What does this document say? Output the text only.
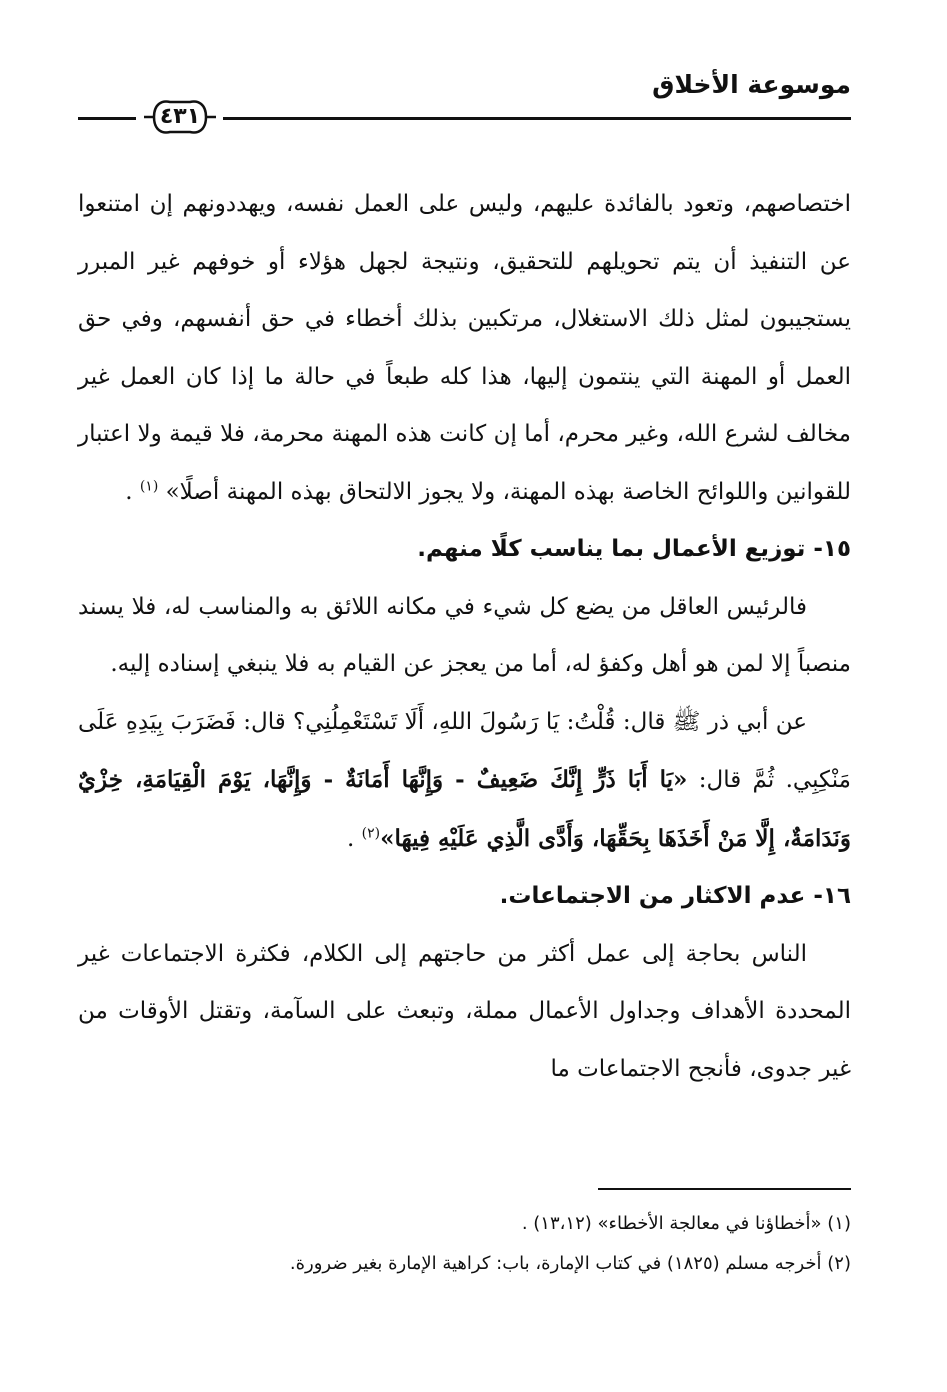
موسوعة الأخلاق
٤٣١

اختصاصهم، وتعود بالفائدة عليهم، وليس على العمل نفسه، ويهددونهم إن امتنعوا عن التنفيذ أن يتم تحويلهم للتحقيق، ونتيجة لجهل هؤلاء أو خوفهم غير المبرر يستجيبون لمثل ذلك الاستغلال، مرتكبين بذلك أخطاء في حق أنفسهم، وفي حق العمل أو المهنة التي ينتمون إليها، هذا كله طبعاً في حالة ما إذا كان العمل غير مخالف لشرع الله، وغير محرم، أما إن كانت هذه المهنة محرمة، فلا قيمة ولا اعتبار للقوانين واللوائح الخاصة بهذه المهنة، ولا يجوز الالتحاق بهذه المهنة أصلًا» $^{(١)}$ .

١٥- توزيع الأعمال بما يناسب كلًا منهم.

فالرئيس العاقل من يضع كل شيء في مكانه اللائق به والمناسب له، فلا يسند منصباً إلا لمن هو أهل وكفؤ له، أما من يعجز عن القيام به فلا ينبغي إسناده إليه.

عن أبي ذر ﷺ قال: قُلْتُ: يَا رَسُولَ اللهِ، أَلَا تَسْتَعْمِلُنِي؟ قال: فَضَرَبَ بِيَدِهِ عَلَى مَنْكِبِي. ثُمَّ قال: «يَا أَبَا ذَرٍّ إِنَّكَ ضَعِيفٌ - وَإِنَّهَا أَمَانَةٌ - وَإِنَّهَا، يَوْمَ الْقِيَامَةِ، خِزْيٌ وَنَدَامَةٌ، إِلَّا مَنْ أَخَذَهَا بِحَقِّهَا، وَأَدَّى الَّذِي عَلَيْهِ فِيهَا»$^{(٢)}$ .

١٦- عدم الاكثار من الاجتماعات.

الناس بحاجة إلى عمل أكثر من حاجتهم إلى الكلام، فكثرة الاجتماعات غير المحددة الأهداف وجداول الأعمال مملة، وتبعث على السآمة، وتقتل الأوقات من غير جدوى، فأنجح الاجتماعات ما

(١) «أخطاؤنا في معالجة الأخطاء» (١٣،١٢) .

(٢) أخرجه مسلم (١٨٢٥) في كتاب الإمارة، باب: كراهية الإمارة بغير ضرورة.
